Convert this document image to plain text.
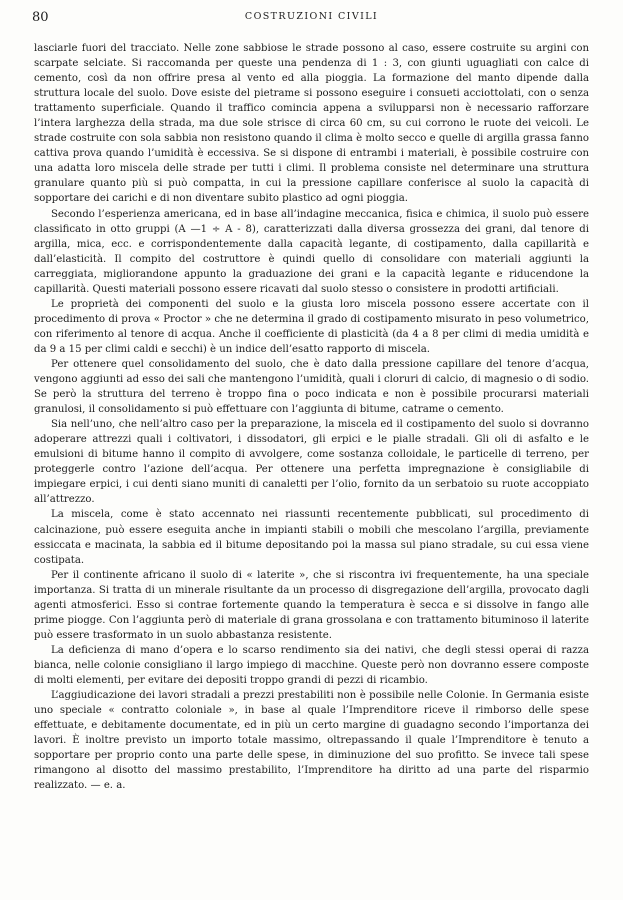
80	COSTRUZIONI CIVILI

lasciarle fuori del tracciato. Nelle zone sabbiose le strade possono al caso, essere costruite su argini con scarpate selciate. Si raccomanda per queste una pendenza di 1 : 3, con giunti uguagliati con calce di cemento, così da non offrire presa al vento ed alla pioggia. La formazione del manto dipende dalla struttura locale del suolo. Dove esiste del pietrame si possono eseguire i consueti acciottolati, con o senza trattamento superficiale. Quando il traffico comincia appena a svilupparsi non è necessario rafforzare l’intera larghezza della strada, ma due sole strisce di circa 60 cm, su cui corrono le ruote dei veicoli. Le strade costruite con sola sabbia non resistono quando il clima è molto secco e quelle di argilla grassa fanno cattiva prova quando l’umidità è eccessiva. Se si dispone di entrambi i materiali, è possibile costruire con una adatta loro miscela delle strade per tutti i climi. Il problema consiste nel determinare una struttura granulare quanto più si può compatta, in cui la pressione capillare conferisce al suolo la capacità di sopportare dei carichi e di non diventare subito plastico ad ogni pioggia.

Secondo l’esperienza americana, ed in base all’indagine meccanica, fisica e chimica, il suolo può essere classificato in otto gruppi (A —1 ÷ A - 8), caratterizzati dalla diversa grossezza dei grani, dal tenore di argilla, mica, ecc. e corrispondentemente dalla capacità legante, di costipamento, dalla capillarità e dall’elasticità. Il compito del costruttore è quindi quello di consolidare con materiali aggiunti la carreggiata, migliorandone appunto la graduazione dei grani e la capacità legante e riducendone la capillarità. Questi materiali possono essere ricavati dal suolo stesso o consistere in prodotti artificiali.

Le proprietà dei componenti del suolo e la giusta loro miscela possono essere accertate con il procedimento di prova « Proctor » che ne determina il grado di costipamento misurato in peso volumetrico, con riferimento al tenore di acqua. Anche il coefficiente di plasticità (da 4 a 8 per climi di media umidità e da 9 a 15 per climi caldi e secchi) è un indice dell’esatto rapporto di miscela.

Per ottenere quel consolidamento del suolo, che è dato dalla pressione capillare del tenore d’acqua, vengono aggiunti ad esso dei sali che mantengono l’umidità, quali i cloruri di calcio, di magnesio o di sodio. Se però la struttura del terreno è troppo fina o poco indicata e non è possibile procurarsi materiali granulosi, il consolidamento si può effettuare con l’aggiunta di bitume, catrame o cemento.

Sia nell’uno, che nell’altro caso per la preparazione, la miscela ed il costipamento del suolo si dovranno adoperare attrezzi quali i coltivatori, i dissodatori, gli erpici e le pialle stradali. Gli oli di asfalto e le emulsioni di bitume hanno il compito di avvolgere, come sostanza colloidale, le particelle di terreno, per proteggerle contro l’azione dell’acqua. Per ottenere una perfetta impregnazione è consigliabile di impiegare erpici, i cui denti siano muniti di canaletti per l’olio, fornito da un serbatoio su ruote accoppiato all’attrezzo.

La miscela, come è stato accennato nei riassunti recentemente pubblicati, sul procedimento di calcinazione, può essere eseguita anche in impianti stabili o mobili che mescolano l’argilla, previamente essiccata e macinata, la sabbia ed il bitume depositando poi la massa sul piano stradale, su cui essa viene costipata.

Per il continente africano il suolo di « laterite », che si riscontra ivi frequentemente, ha una speciale importanza. Si tratta di un minerale risultante da un processo di disgregazione dell’argilla, provocato dagli agenti atmosferici. Esso si contrae fortemente quando la temperatura è secca e si dissolve in fango alle prime piogge. Con l’aggiunta però di materiale di grana grossolana e con trattamento bituminoso il laterite può essere trasformato in un suolo abbastanza resistente.

La deficienza di mano d’opera e lo scarso rendimento sia dei nativi, che degli stessi operai di razza bianca, nelle colonie consigliano il largo impiego di macchine. Queste però non dovranno essere composte di molti elementi, per evitare dei depositi troppo grandi di pezzi di ricambio.

L’aggiudicazione dei lavori stradali a prezzi prestabiliti non è possibile nelle Colonie. In Germania esiste uno speciale « contratto coloniale », in base al quale l’Imprenditore riceve il rimborso delle spese effettuate, e debitamente documentate, ed in più un certo margine di guadagno secondo l’importanza dei lavori. È inoltre previsto un importo totale massimo, oltrepassando il quale l’Imprenditore è tenuto a sopportare per proprio conto una parte delle spese, in diminuzione del suo profitto. Se invece tali spese rimangono al disotto del massimo prestabilito, l’Imprenditore ha diritto ad una parte del risparmio realizzato. — e. a.
